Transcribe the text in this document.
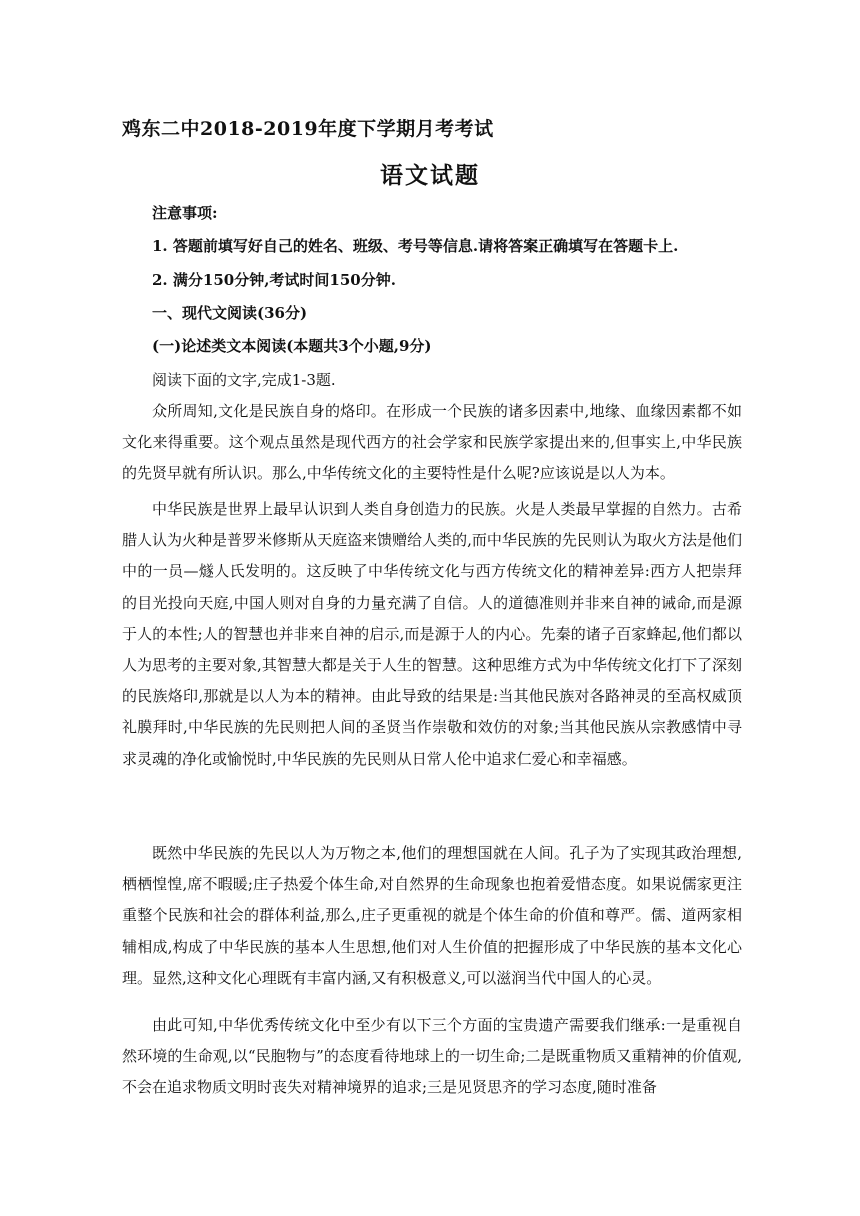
鸡东二中2018-2019年度下学期月考考试
语文试题
注意事项:
1. 答题前填写好自己的姓名、班级、考号等信息.请将答案正确填写在答题卡上.
2. 满分150分钟,考试时间150分钟.
一、现代文阅读(36分)
(一)论述类文本阅读(本题共3个小题,9分)
阅读下面的文字,完成1-3题.

众所周知,文化是民族自身的烙印。在形成一个民族的诸多因素中,地缘、血缘因素都不如文化来得重要。这个观点虽然是现代西方的社会学家和民族学家提出来的,但事实上,中华民族的先贤早就有所认识。那么,中华传统文化的主要特性是什么呢?应该说是以人为本。

中华民族是世界上最早认识到人类自身创造力的民族。火是人类最早掌握的自然力。古希腊人认为火种是普罗米修斯从天庭盗来馈赠给人类的,而中华民族的先民则认为取火方法是他们中的一员—燧人氏发明的。这反映了中华传统文化与西方传统文化的精神差异:西方人把崇拜的目光投向天庭,中国人则对自身的力量充满了自信。人的道德准则并非来自神的诫命,而是源于人的本性;人的智慧也并非来自神的启示,而是源于人的内心。先秦的诸子百家蜂起,他们都以人为思考的主要对象,其智慧大都是关于人生的智慧。这种思维方式为中华传统文化打下了深刻的民族烙印,那就是以人为本的精神。由此导致的结果是:当其他民族对各路神灵的至高权威顶礼膜拜时,中华民族的先民则把人间的圣贤当作崇敬和效仿的对象;当其他民族从宗教感情中寻求灵魂的净化或愉悦时,中华民族的先民则从日常人伦中追求仁爱心和幸福感。

既然中华民族的先民以人为万物之本,他们的理想国就在人间。孔子为了实现其政治理想,栖栖惶惶,席不暇暖;庄子热爱个体生命,对自然界的生命现象也抱着爱惜态度。如果说儒家更注重整个民族和社会的群体利益,那么,庄子更重视的就是个体生命的价值和尊严。儒、道两家相辅相成,构成了中华民族的基本人生思想,他们对人生价值的把握形成了中华民族的基本文化心理。显然,这种文化心理既有丰富内涵,又有积极意义,可以滋润当代中国人的心灵。

由此可知,中华优秀传统文化中至少有以下三个方面的宝贵遗产需要我们继承:一是重视自然环境的生命观,以“民胞物与”的态度看待地球上的一切生命;二是既重物质又重精神的价值观,不会在追求物质文明时丧失对精神境界的追求;三是见贤思齐的学习态度,随时准备
